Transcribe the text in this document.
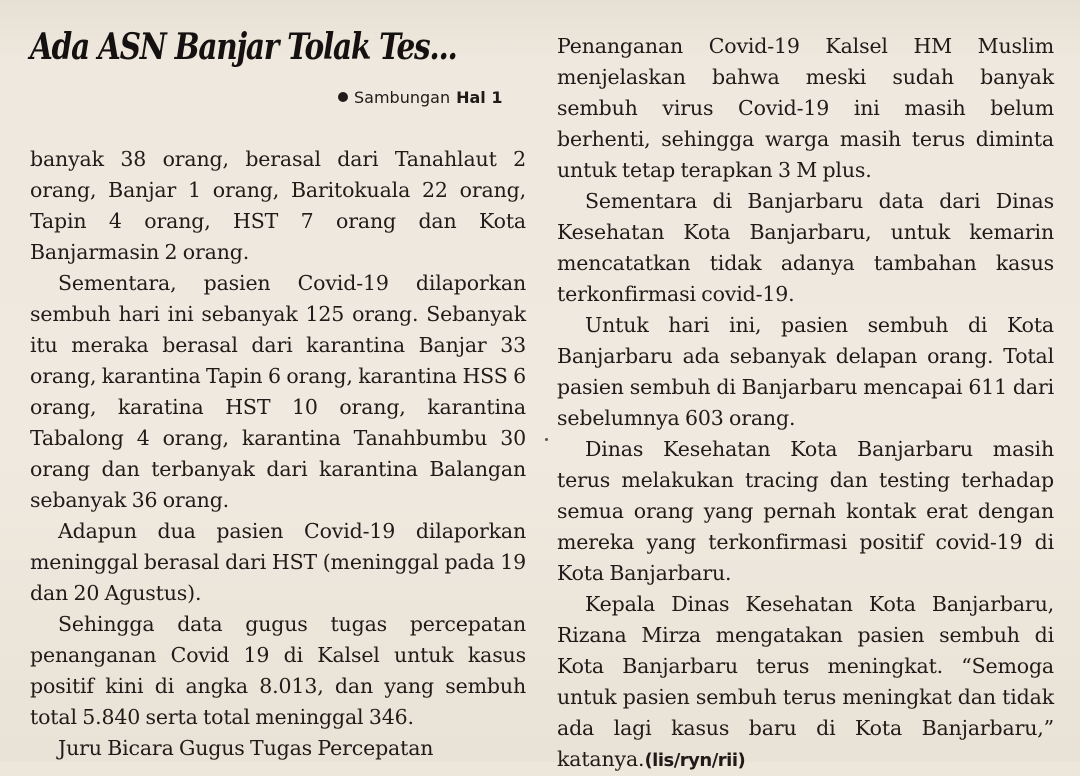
Ada ASN Banjar Tolak Tes...
Sambungan Hal 1

banyak 38 orang, berasal dari Tanahlaut 2 orang, Banjar 1 orang, Baritokuala 22 orang, Tapin 4 orang, HST 7 orang dan Kota Banjarmasin 2 orang.

Sementara, pasien Covid-19 dilaporkan sembuh hari ini sebanyak 125 orang. Sebanyak itu meraka berasal dari karantina Banjar 33 orang, karantina Tapin 6 orang, karantina HSS 6 orang, karatina HST 10 orang, karantina Tabalong 4 orang, karantina Tanahbumbu 30 orang dan terbanyak dari karantina Balangan sebanyak 36 orang.

Adapun dua pasien Covid-19 dilaporkan meninggal berasal dari HST (meninggal pada 19 dan 20 Agustus).

Sehingga data gugus tugas percepatan penanganan Covid 19 di Kalsel untuk kasus positif kini di angka 8.013, dan yang sembuh total 5.840 serta total meninggal 346.

Juru Bicara Gugus Tugas Percepatan

Penanganan Covid-19 Kalsel HM Muslim menjelaskan bahwa meski sudah banyak sembuh virus Covid-19 ini masih belum berhenti, sehingga warga masih terus diminta untuk tetap terapkan 3 M plus.

Sementara di Banjarbaru data dari Dinas Kesehatan Kota Banjarbaru, untuk kemarin mencatatkan tidak adanya tambahan kasus terkonfirmasi covid-19.

Untuk hari ini, pasien sembuh di Kota Banjarbaru ada sebanyak delapan orang. Total pasien sembuh di Banjarbaru mencapai 611 dari sebelumnya 603 orang.

Dinas Kesehatan Kota Banjarbaru masih terus melakukan tracing dan testing terhadap semua orang yang pernah kontak erat dengan mereka yang terkonfirmasi positif covid-19 di Kota Banjarbaru.

Kepala Dinas Kesehatan Kota Banjarbaru, Rizana Mirza mengatakan pasien sembuh di Kota Banjarbaru terus meningkat. “Semoga untuk pasien sembuh terus meningkat dan tidak ada lagi kasus baru di Kota Banjarbaru,” katanya.(lis/ryn/rii)
